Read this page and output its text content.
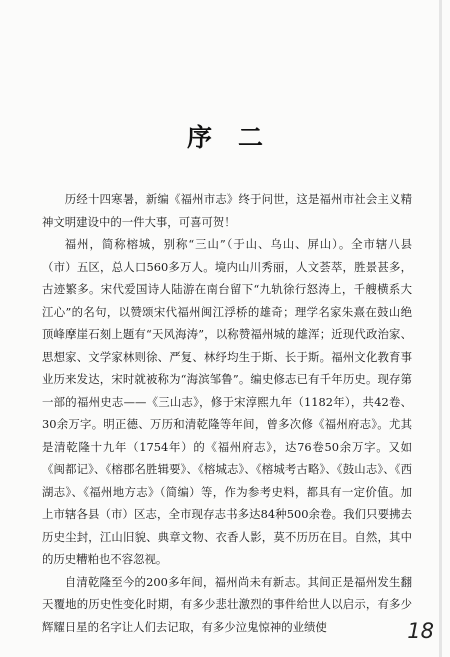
序二

历经十四寒暑，新编《福州市志》终于问世，这是福州市社会主义精神文明建设中的一件大事，可喜可贺！

福州，简称榕城，别称“三山”（于山、乌山、屏山）。全市辖八县（市）五区，总人口560多万人。境内山川秀丽，人文荟萃，胜景甚多，古迹繁多。宋代爱国诗人陆游在南台留下“九轨徐行怒涛上，千艘横系大江心”的名句，以赞颂宋代福州闽江浮桥的雄奇；理学名家朱熹在鼓山绝顶峰摩崖石刻上题有“天风海涛”，以称赞福州城的雄浑；近现代政治家、思想家、文学家林则徐、严复、林纾均生于斯、长于斯。福州文化教育事业历来发达，宋时就被称为“海滨邹鲁”。编史修志已有千年历史。现存第一部的福州史志——《三山志》，修于宋淳熙九年（1182年），共42卷、30余万字。明正德、万历和清乾隆等年间，曾多次修《福州府志》。尤其是清乾隆十九年（1754年）的《福州府志》，达76卷50余万字。又如《闽都记》、《榕郡名胜辑要》、《榕城志》、《榕城考古略》、《鼓山志》、《西湖志》、《福州地方志》（简编）等，作为参考史料，都具有一定价值。加上市辖各县（市）区志，全市现存志书多达84种500余卷。我们只要拂去历史尘封，江山旧貌、典章文物、衣香人影，莫不历历在目。自然，其中的历史糟粕也不容忽视。

自清乾隆至今的200多年间，福州尚未有新志。其间正是福州发生翻天覆地的历史性变化时期，有多少悲壮激烈的事件给世人以启示，有多少辉耀日星的名字让人们去记取，有多少泣鬼惊神的业绩使	18
